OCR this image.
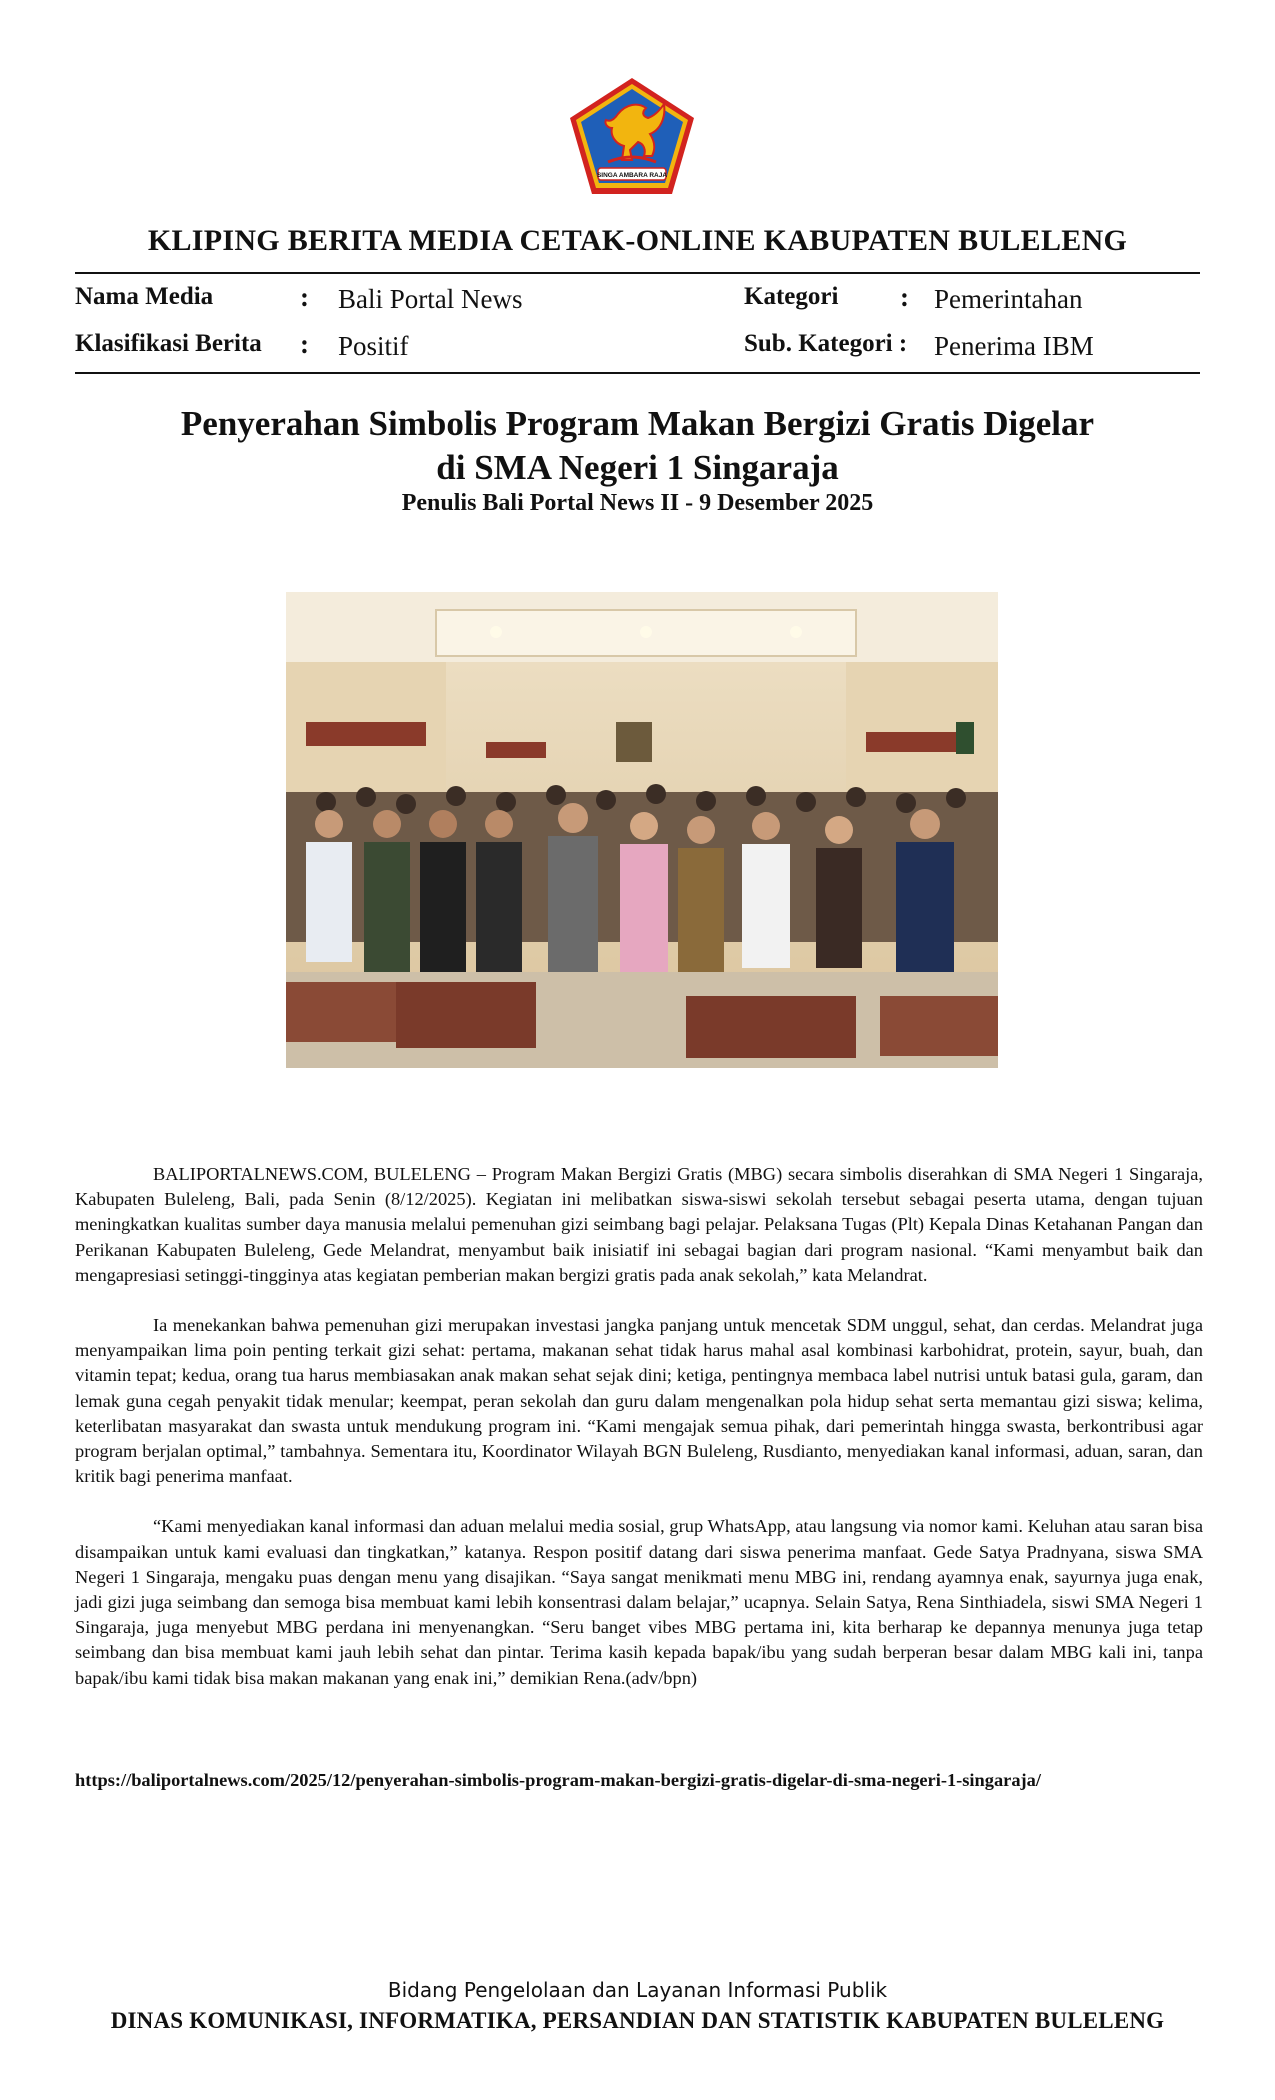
SINGA AMBARA RAJA
KLIPING BERITA MEDIA CETAK-ONLINE KABUPATEN BULELENG
Nama Media	: Bali Portal News
Klasifikasi Berita : Positif
Kategori : Pemerintahan
Sub. Kategori : Penerima IBM
Penyerahan Simbolis Program Makan Bergizi Gratis Digelar
di SMA Negeri 1 Singaraja
Penulis Bali Portal News II - 9 Desember 2025

BALIPORTALNEWS.COM, BULELENG – Program Makan Bergizi Gratis (MBG) secara simbolis diserahkan di SMA Negeri 1 Singaraja, Kabupaten Buleleng, Bali, pada Senin (8/12/2025). Kegiatan ini melibatkan siswa-siswi sekolah tersebut sebagai peserta utama, dengan tujuan meningkatkan kualitas sumber daya manusia melalui pemenuhan gizi seimbang bagi pelajar. Pelaksana Tugas (Plt) Kepala Dinas Ketahanan Pangan dan Perikanan Kabupaten Buleleng, Gede Melandrat, menyambut baik inisiatif ini sebagai bagian dari program nasional. “Kami menyambut baik dan mengapresiasi setinggi-tingginya atas kegiatan pemberian makan bergizi gratis pada anak sekolah,” kata Melandrat.

Ia menekankan bahwa pemenuhan gizi merupakan investasi jangka panjang untuk mencetak SDM unggul, sehat, dan cerdas. Melandrat juga menyampaikan lima poin penting terkait gizi sehat: pertama, makanan sehat tidak harus mahal asal kombinasi karbohidrat, protein, sayur, buah, dan vitamin tepat; kedua, orang tua harus membiasakan anak makan sehat sejak dini; ketiga, pentingnya membaca label nutrisi untuk batasi gula, garam, dan lemak guna cegah penyakit tidak menular; keempat, peran sekolah dan guru dalam mengenalkan pola hidup sehat serta memantau gizi siswa; kelima, keterlibatan masyarakat dan swasta untuk mendukung program ini. “Kami mengajak semua pihak, dari pemerintah hingga swasta, berkontribusi agar program berjalan optimal,” tambahnya. Sementara itu, Koordinator Wilayah BGN Buleleng, Rusdianto, menyediakan kanal informasi, aduan, saran, dan kritik bagi penerima manfaat.

“Kami menyediakan kanal informasi dan aduan melalui media sosial, grup WhatsApp, atau langsung via nomor kami. Keluhan atau saran bisa disampaikan untuk kami evaluasi dan tingkatkan,” katanya. Respon positif datang dari siswa penerima manfaat. Gede Satya Pradnyana, siswa SMA Negeri 1 Singaraja, mengaku puas dengan menu yang disajikan. “Saya sangat menikmati menu MBG ini, rendang ayamnya enak, sayurnya juga enak, jadi gizi juga seimbang dan semoga bisa membuat kami lebih konsentrasi dalam belajar,” ucapnya. Selain Satya, Rena Sinthiadela, siswi SMA Negeri 1 Singaraja, juga menyebut MBG perdana ini menyenangkan. “Seru banget vibes MBG pertama ini, kita berharap ke depannya menunya juga tetap seimbang dan bisa membuat kami jauh lebih sehat dan pintar. Terima kasih kepada bapak/ibu yang sudah berperan besar dalam MBG kali ini, tanpa bapak/ibu kami tidak bisa makan makanan yang enak ini,” demikian Rena.(adv/bpn)

https://baliportalnews.com/2025/12/penyerahan-simbolis-program-makan-bergizi-gratis-digelar-di-sma-negeri-1-singaraja/
Bidang Pengelolaan dan Layanan Informasi Publik
DINAS KOMUNIKASI, INFORMATIKA, PERSANDIAN DAN STATISTIK KABUPATEN BULELENG
